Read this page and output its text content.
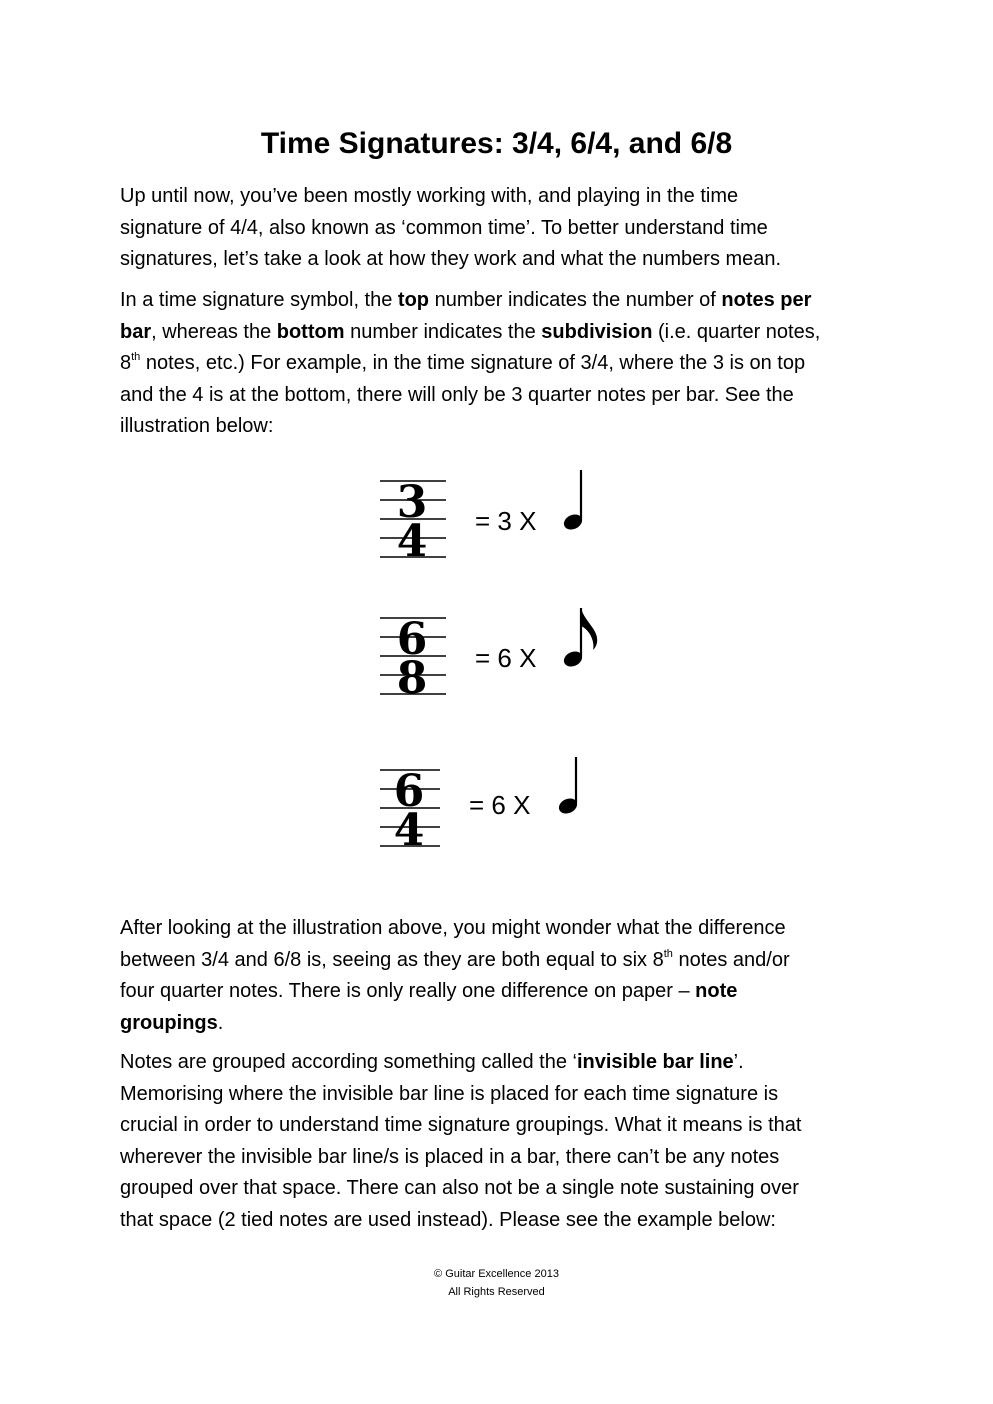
Time Signatures: 3/4, 6/4, and 6/8

Up until now, you’ve been mostly working with, and playing in the time
signature of 4/4, also known as ‘common time’. To better understand time
signatures, let’s take a look at how they work and what the numbers mean.

In a time signature symbol, the top number indicates the number of notes per
bar, whereas the bottom number indicates the subdivision (i.e. quarter notes,
8th notes, etc.) For example, in the time signature of 3/4, where the 3 is on top
and the 4 is at the bottom, there will only be 3 quarter notes per bar. See the
illustration below:

3
4 = 3 X
6
8 = 6 X
6
4 = 6 X

After looking at the illustration above, you might wonder what the difference
between 3/4 and 6/8 is, seeing as they are both equal to six 8th notes and/or
four quarter notes. There is only really one difference on paper – note
groupings.

Notes are grouped according something called the ‘invisible bar line’.
Memorising where the invisible bar line is placed for each time signature is
crucial in order to understand time signature groupings. What it means is that
wherever the invisible bar line/s is placed in a bar, there can’t be any notes
grouped over that space. There can also not be a single note sustaining over
that space (2 tied notes are used instead). Please see the example below:

© Guitar Excellence 2013
All Rights Reserved
